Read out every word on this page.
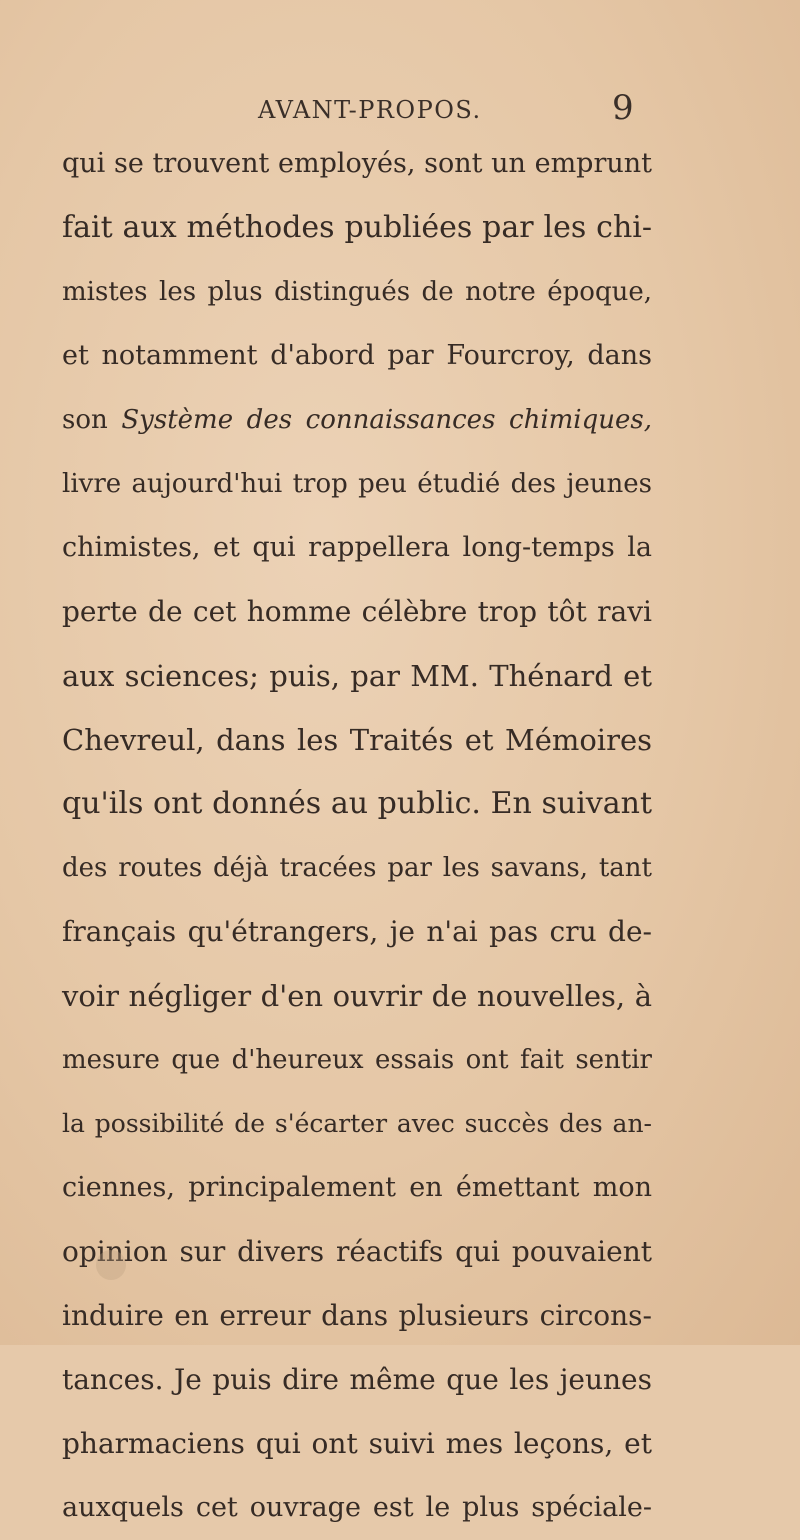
AVANT-PROPOS.	9
qui se trouvent employés, sont un emprunt
fait aux méthodes publiées par les chi-
mistes les plus distingués de notre époque,
et notamment d'abord par Fourcroy, dans
son Système des connaissances chimiques,
livre aujourd'hui trop peu étudié des jeunes
chimistes, et qui rappellera long-temps la
perte de cet homme célèbre trop tôt ravi
aux sciences; puis, par MM. Thénard et
Chevreul, dans les Traités et Mémoires
qu'ils ont donnés au public. En suivant
des routes déjà tracées par les savans, tant
français qu'étrangers, je n'ai pas cru de-
voir négliger d'en ouvrir de nouvelles, à
mesure que d'heureux essais ont fait sentir
la possibilité de s'écarter avec succès des an-
ciennes, principalement en émettant mon
opinion sur divers réactifs qui pouvaient
induire en erreur dans plusieurs circons-
tances. Je puis dire même que les jeunes
pharmaciens qui ont suivi mes leçons, et
auxquels cet ouvrage est le plus spéciale-
